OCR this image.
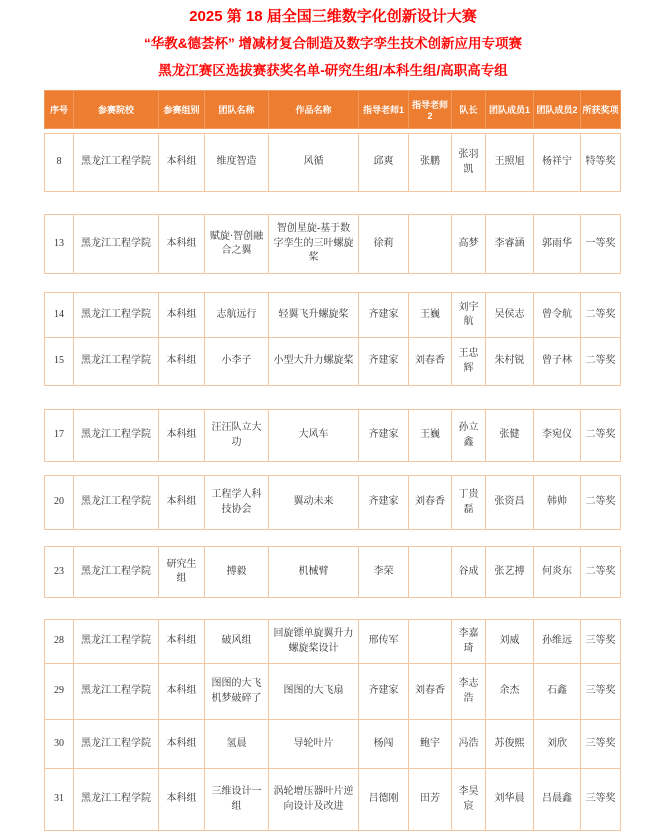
2025 第 18 届全国三维数字化创新设计大赛
“华教&德荟杯” 增减材复合制造及数字孪生技术创新应用专项赛
黑龙江赛区选拔赛获奖名单-研究生组/本科生组/高职高专组
序号	参赛院校	参赛组别	团队名称	作品名称	指导老师1	指导老师2	队长	团队成员1	团队成员2	所获奖项
8	黑龙江工程学院	本科组	维度智造	风循	邱爽	张鹏	张羽凯	王照旭	杨祥宁	特等奖
13	黑龙江工程学院	本科组	赋旋·智创融合之翼	智创星旋-基于数字孪生的三叶螺旋桨	徐莉		高梦	李睿涵	郭雨华	一等奖
14	黑龙江工程学院	本科组	志航远行	轻翼飞升螺旋桨	齐建家	王巍	刘宇航	吴侯志	曾令航	二等奖
15	黑龙江工程学院	本科组	小李子	小型大升力螺旋桨	齐建家	刘春香	王忠辉	朱村锐	曾子林	二等奖
17	黑龙江工程学院	本科组	汪汪队立大功	大风车	齐建家	王巍	孙立鑫	张健	李宛仪	二等奖
20	黑龙江工程学院	本科组	工程学人科技协会	翼动未来	齐建家	刘春香	丁贵磊	张资昌	韩帅	二等奖
23	黑龙江工程学院	研究生组	搏毅	机械臂	李荣		谷成	张艺搏	何炎东	二等奖
28	黑龙江工程学院	本科组	破风组	回旋镖单旋翼升力螺旋桨设计	邢传军		李嘉琦	刘威	孙维远	三等奖
29	黑龙江工程学院	本科组	图图的大飞机梦破碎了	图图的大飞扇	齐建家	刘春香	李志浩	余杰	石鑫	三等奖
30	黑龙江工程学院	本科组	氢晨	导轮叶片	杨闯	鲍宇	冯浩	苏俊熙	刘欣	三等奖
31	黑龙江工程学院	本科组	三维设计一组	涡轮增压器叶片逆向设计及改进	吕德刚	田芳	李昊宸	刘华晨	吕晨鑫	三等奖
